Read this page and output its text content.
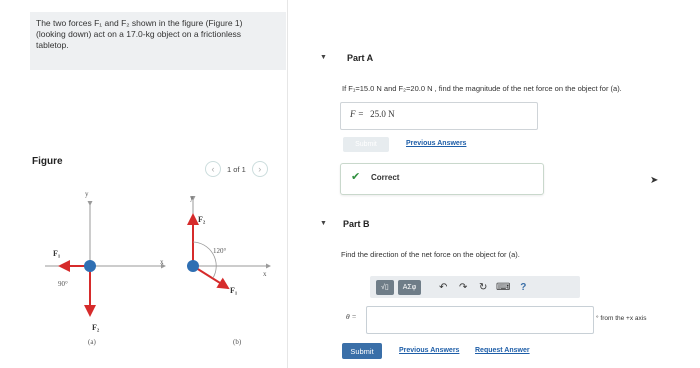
The two forces F₁ and F₂ shown in the figure (Figure 1)
(looking down) act on a 17.0-kg object on a frictionless
tabletop.
Figure
‹	1 of 1	›
y
x
F₁
F₂
90°
(a)
y
x
F₂
F₁
120°
(b)
▼ Part A
If F₁=15.0 N and F₂=20.0 N , find the magnitude of the net force on the object for (a).
F = 25.0 N
Submit	Previous Answers
✔ Correct	➤
▼ Part B
Find the direction of the net force on the object for (a).
√▯	ΑΣφ	↶	↷	↻ ⌨ ?
θ =	° from the +x axis
Submit	Previous Answers Request Answer
